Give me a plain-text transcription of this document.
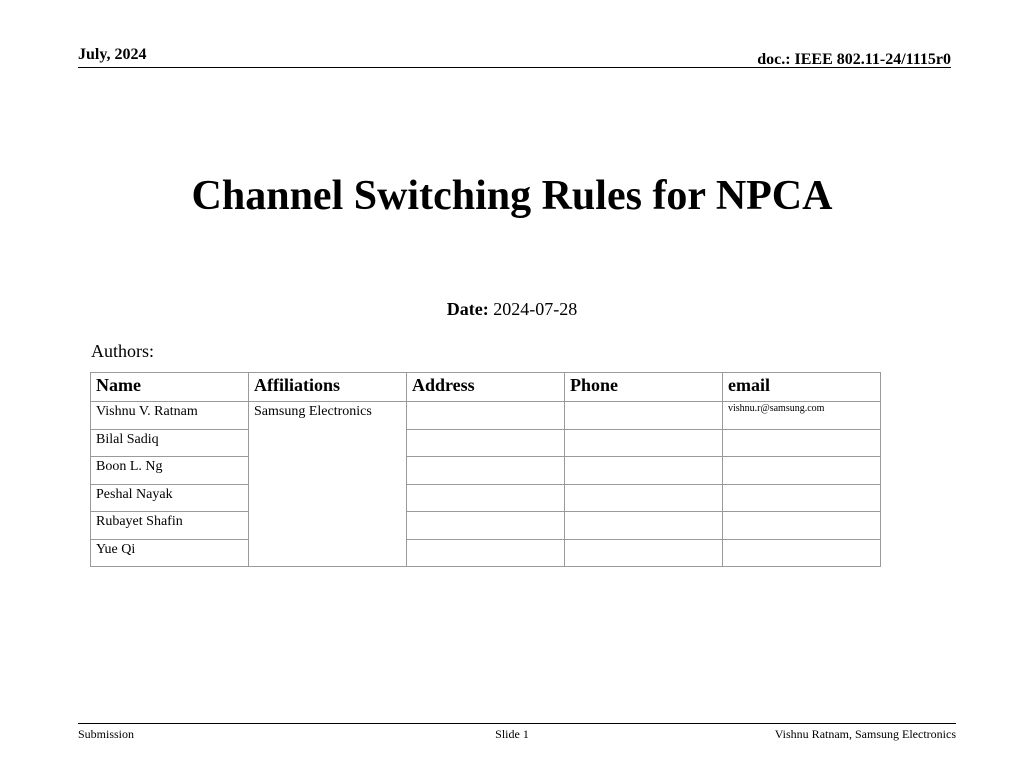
July, 2024	doc.: IEEE 802.11-24/1115r0
Channel Switching Rules for NPCA
Date: 2024-07-28
Authors:
Name	Affiliations	Address	Phone	email
Vishnu V. Ratnam	Samsung Electronics			vishnu.r@samsung.com
Bilal Sadiq				
Boon L. Ng				
Peshal Nayak				
Rubayet Shafin				
Yue Qi				
Submission	Slide 1	Vishnu Ratnam, Samsung Electronics
